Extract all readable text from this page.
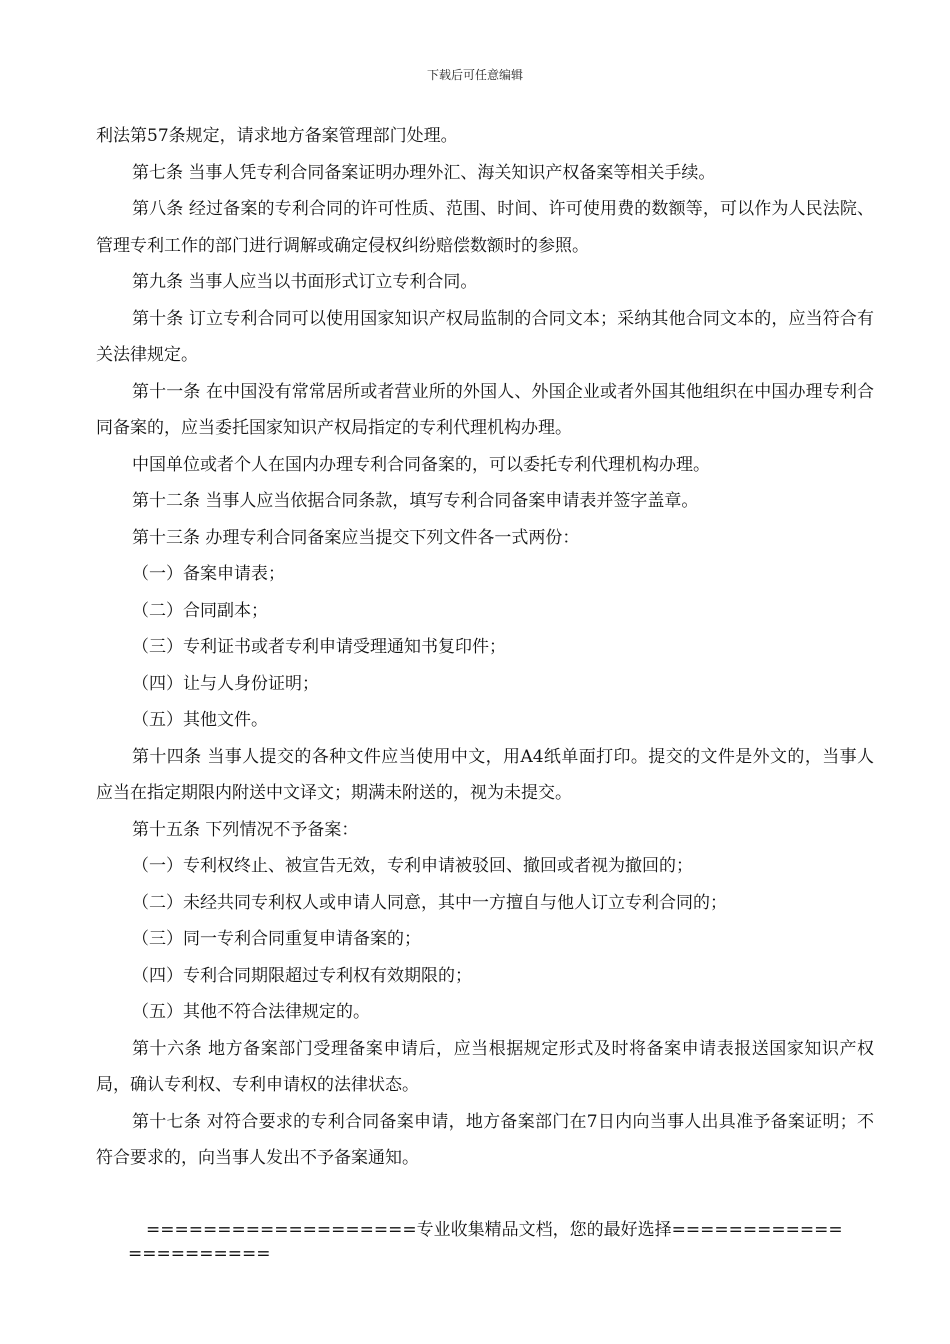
下载后可任意编辑

利法第57条规定，请求地方备案管理部门处理。

第七条 当事人凭专利合同备案证明办理外汇、海关知识产权备案等相关手续。

第八条 经过备案的专利合同的许可性质、范围、时间、许可使用费的数额等，可以作为人民法院、管理专利工作的部门进行调解或确定侵权纠纷赔偿数额时的参照。

第九条 当事人应当以书面形式订立专利合同。

第十条 订立专利合同可以使用国家知识产权局监制的合同文本；采纳其他合同文本的，应当符合有关法律规定。

第十一条 在中国没有常常居所或者营业所的外国人、外国企业或者外国其他组织在中国办理专利合同备案的，应当委托国家知识产权局指定的专利代理机构办理。

中国单位或者个人在国内办理专利合同备案的，可以委托专利代理机构办理。

第十二条 当事人应当依据合同条款，填写专利合同备案申请表并签字盖章。

第十三条 办理专利合同备案应当提交下列文件各一式两份：

（一）备案申请表；

（二）合同副本；

（三）专利证书或者专利申请受理通知书复印件；

（四）让与人身份证明；

（五）其他文件。

第十四条 当事人提交的各种文件应当使用中文，用A4纸单面打印。提交的文件是外文的，当事人应当在指定期限内附送中文译文；期满未附送的，视为未提交。

第十五条 下列情况不予备案：

（一）专利权终止、被宣告无效，专利申请被驳回、撤回或者视为撤回的；

（二）未经共同专利权人或申请人同意，其中一方擅自与他人订立专利合同的；

（三）同一专利合同重复申请备案的；

（四）专利合同期限超过专利权有效期限的；

（五）其他不符合法律规定的。

第十六条 地方备案部门受理备案申请后，应当根据规定形式及时将备案申请表报送国家知识产权局，确认专利权、专利申请权的法律状态。

第十七条 对符合要求的专利合同备案申请，地方备案部门在7日内向当事人出具准予备案证明；不符合要求的，向当事人发出不予备案通知。

===================专业收集精品文档，您的最好选择======================
